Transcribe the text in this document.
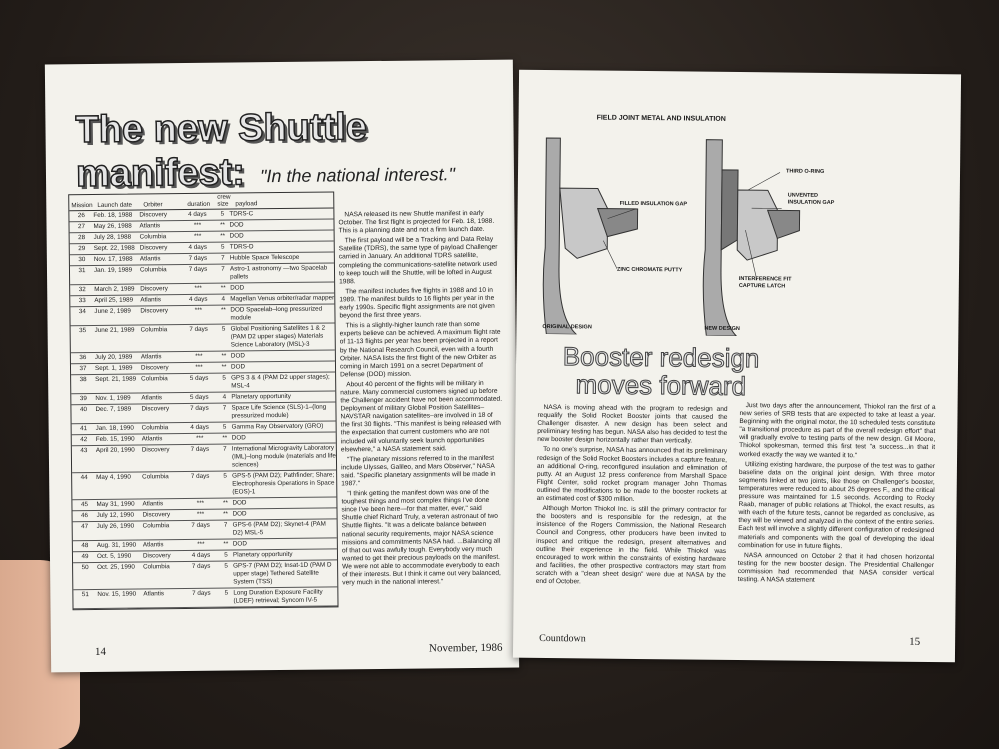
The new Shuttle
manifest: "In the national interest."
Mission Launch date Orbiter	duration
crew
size payload
26	Feb. 18, 1988	Discovery	4 days	5 TDRS-C
27	May 26, 1988	Atlantis	***	** DOD
28	July 28, 1988	Columbia	***	** DOD
29	Sept. 22, 1988 Discovery	4 days	5 TDRS-D
30	Nov. 17, 1988	Atlantis	7 days	7 Hubble Space Telescope
31	Jan. 19, 1989	Columbia	7 days	7 Astro-1 astronomy —two Spacelab pallets
32	March 2, 1989 Discovery	***	** DOD
33	April 25, 1989	Atlantis	4 days	4 Magellan Venus orbiter/radar mapper
34	June 2, 1989	Discovery	***	** DOD Spacelab–long pressurized module
35	June 21, 1989 Columbia	7 days	5 Global Positioning Satellites 1 & 2 (PAM D2 upper stages) Materials Science Laboratory (MSL)-3
36	July 20, 1989	Atlantis	***	** DOD
37	Sept. 1, 1989	Discovery	***	** DOD
38	Sept. 21, 1989 Columbia	5 days	5 GPS 3 & 4 (PAM D2 upper stages); MSL-4
39	Nov. 1, 1989	Atlantis	5 days	4 Planetary opportunity
40	Dec. 7, 1989	Discovery	7 days	7 Space Life Science (SLS)-1–(long pressurized module)
41	Jan. 18, 1990	Columbia	4 days	5 Gamma Ray Observatory (GRO)
42	Feb. 15, 1990	Atlantis	***	** DOD
43	April 20, 1990	Discovery	7 days	7 International Microgravity Laboratory (IML)–long module (materials and life sciences)
44	May 4, 1990	Columbia	7 days	5 GPS-5 (PAM D2); Pathfinder; Share; Electrophoresis Operations in Space (EOS)-1
45	May 31, 1990	Atlantis	***	** DOD
46	July 12, 1990	Discovery	***	** DOD
47	July 26, 1990	Columbia	7 days	7 GPS-6 (PAM D2); Skynet-4 (PAM D2) MSL-5
48	Aug. 31, 1990	Atlantis	***	** DOD
49	Oct. 5, 1990	Discovery	4 days	5 Planetary opportunity
50	Oct. 25, 1990	Columbia	7 days	5 GPS-7 (PAM D2); Insat-1D (PAM D upper stage) Tethered Satellite System (TSS)
51	Nov. 15, 1990	Atlantis	7 days	5 Long Duration Exposure Facility (LDEF) retrieval; Syncom IV-5

NASA released its new Shuttle manifest in early October. The first flight is projected for Feb. 18, 1988. This is a planning date and not a firm launch date.

The first payload will be a Tracking and Data Relay Satellite (TDRS), the same type of payload Challenger carried in January. An additional TDRS satellite, completing the communications-satellite network used to keep touch will the Shuttle, will be lofted in August 1988.

The manifest includes five flights in 1988 and 10 in 1989. The manifest builds to 16 flights per year in the early 1990s. Specific flight assignments are not given beyond the first three years.

This is a slightly-higher launch rate than some experts believe can be achieved. A maximum flight rate of 11-13 flights per year has been projected in a report by the National Research Council, even with a fourth Orbiter. NASA lists the first flight of the new Orbiter as coming in March 1991 on a secret Department of Defense (DOD) mission.

About 40 percent of the flights will be military in nature. Many commercial customers signed up before the Challenger accident have not been accommodated. Deployment of military Global Position Satellites–NAVSTAR navigation satellites–are involved in 18 of the first 30 flights. "This manifest is being released with the expectation that current customers who are not included will voluntarily seek launch opportunities elsewhere," a NASA statement said.

"The planetary missions referred to in the manifest include Ulysses, Galileo, and Mars Observer," NASA said. "Specific planetary assignments will be made in 1987."

"I think getting the manifest down was one of the toughest things and most complex things I've done since I've been here—for that matter, ever," said Shuttle chief Richard Truly, a veteran astronaut of two Shuttle flights. "It was a delicate balance between national security requirements, major NASA science missions and commitments NASA had. ...Balancing all of that out was awfully tough. Everybody very much wanted to get their precious payloads on the manifest. We were not able to accommodate everybody to each of their interests. But I think it came out very balanced, very much in the national interest."

14	November, 1986
FIELD JOINT METAL AND INSULATION
FILLED INSULATION GAP
ZINC CHROMATE PUTTY
ORIGINAL DESIGN
THIRD O-RING
UNVENTED INSULATION GAP
INTERFERENCE FIT CAPTURE LATCH
NEW DESIGN
Booster redesign
moves forward

NASA is moving ahead with the program to redesign and requalify the Solid Rocket Booster joints that caused the Challenger disaster. A new design has been select and preliminary testing has begun. NASA also has decided to test the new booster design horizontally rather than vertically.

To no one's surprise, NASA has announced that its preliminary redesign of the Solid Rocket Boosters includes a capture feature, an additional O-ring, reconfigured insulation and elimination of putty. At an August 12 press conference from Marshall Space Flight Center, solid rocket program manager John Thomas outlined the modifications to be made to the booster rockets at an estimated cost of $300 million.

Although Morton Thiokol Inc. is still the primary contractor for the boosters and is responsible for the redesign, at the insistence of the Rogers Commission, the National Research Council and Congress, other producers have been invited to inspect and critique the redesign, present alternatives and outline their experience in the field. While Thiokol was encouraged to work within the constraints of existing hardware and facilities, the other prospective contractors may start from scratch with a "clean sheet design" were due at NASA by the end of October.

Just two days after the announcement, Thiokol ran the first of a new series of SRB tests that are expected to take at least a year. Beginning with the original motor, the 10 scheduled tests constitute "a transitional procedure as part of the overall redesign effort" that will gradually evolve to testing parts of the new design. Gil Moore, Thiokol spokesman, termed this first test "a success...in that it worked exactly the way we wanted it to."

Utilizing existing hardware, the purpose of the test was to gather baseline data on the original joint design. With three motor segments linked at two joints, like those on Challenger's booster, temperatures were reduced to about 25 degrees F., and the critical pressure was maintained for 1.5 seconds. According to Rocky Raab, manager of public relations at Thiokol, the exact results, as with each of the future tests, cannot be regarded as conclusive, as they will be viewed and analyzed in the context of the entire series. Each test will involve a slightly different configuration of redesigned materials and components with the goal of developing the ideal combination for use in future flights.

NASA announced on October 2 that it had chosen horizontal testing for the new booster design. The Presidential Challenger commission had recommended that NASA consider vertical testing. A NASA statement

Countdown	15
